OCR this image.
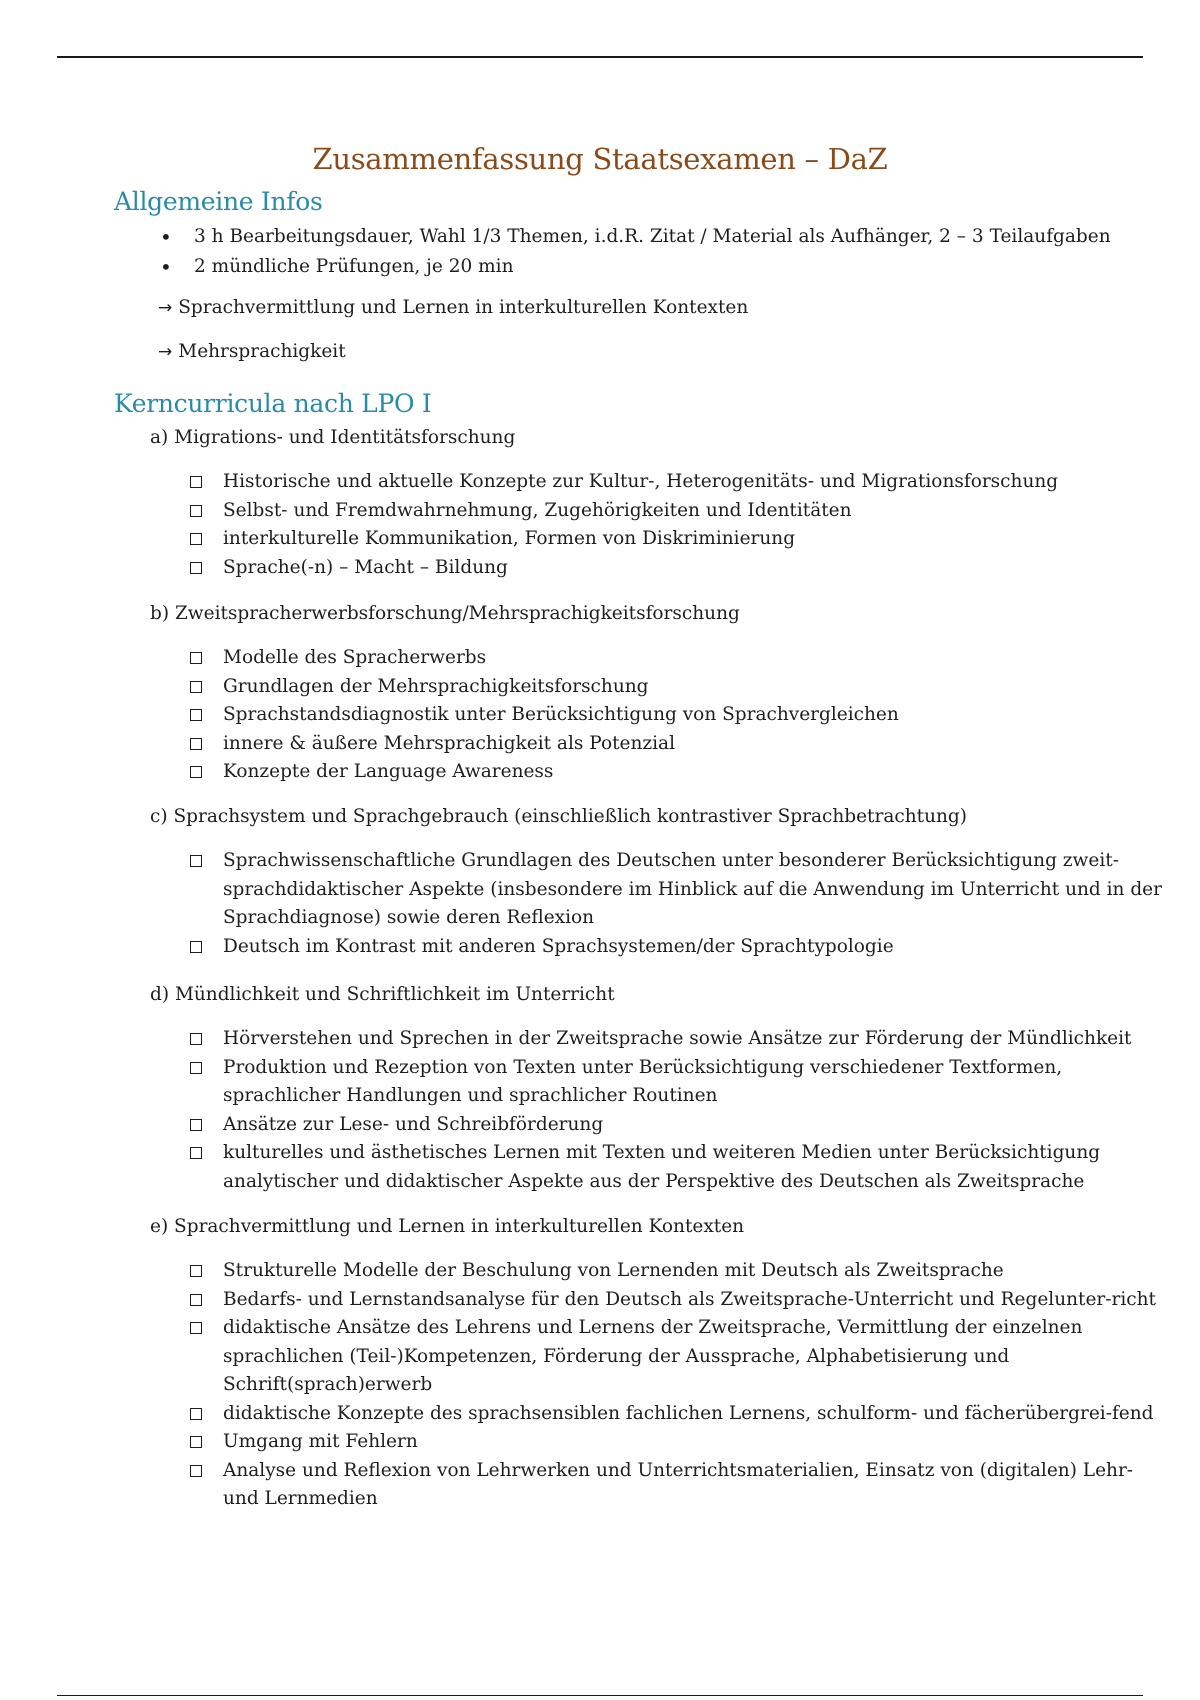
Zusammenfassung Staatsexamen – DaZ
Allgemeine Infos
• 3 h Bearbeitungsdauer, Wahl 1/3 Themen, i.d.R. Zitat / Material als Aufhänger, 2 – 3 Teilaufgaben
• 2 mündliche Prüfungen, je 20 min
→ Sprachvermittlung und Lernen in interkulturellen Kontexten
→ Mehrsprachigkeit
Kerncurricula nach LPO I
a) Migrations- und Identitätsforschung
Historische und aktuelle Konzepte zur Kultur-, Heterogenitäts- und Migrationsforschung
Selbst- und Fremdwahrnehmung, Zugehörigkeiten und Identitäten
interkulturelle Kommunikation, Formen von Diskriminierung
Sprache(-n) – Macht – Bildung
b) Zweitspracherwerbsforschung/Mehrsprachigkeitsforschung
Modelle des Spracherwerbs
Grundlagen der Mehrsprachigkeitsforschung
Sprachstandsdiagnostik unter Berücksichtigung von Sprachvergleichen
innere & äußere Mehrsprachigkeit als Potenzial
Konzepte der Language Awareness
c) Sprachsystem und Sprachgebrauch (einschließlich kontrastiver Sprachbetrachtung)
Sprachwissenschaftliche Grundlagen des Deutschen unter besonderer Berücksichtigung zweit-sprachdidaktischer Aspekte (insbesondere im Hinblick auf die Anwendung im Unterricht und in der Sprachdiagnose) sowie deren Reflexion
Deutsch im Kontrast mit anderen Sprachsystemen/der Sprachtypologie
d) Mündlichkeit und Schriftlichkeit im Unterricht
Hörverstehen und Sprechen in der Zweitsprache sowie Ansätze zur Förderung der Mündlichkeit
Produktion und Rezeption von Texten unter Berücksichtigung verschiedener Textformen, sprachlicher Handlungen und sprachlicher Routinen
Ansätze zur Lese- und Schreibförderung
kulturelles und ästhetisches Lernen mit Texten und weiteren Medien unter Berücksichtigung analytischer und didaktischer Aspekte aus der Perspektive des Deutschen als Zweitsprache
e) Sprachvermittlung und Lernen in interkulturellen Kontexten
Strukturelle Modelle der Beschulung von Lernenden mit Deutsch als Zweitsprache
Bedarfs- und Lernstandsanalyse für den Deutsch als Zweitsprache-Unterricht und Regelunter-richt
didaktische Ansätze des Lehrens und Lernens der Zweitsprache, Vermittlung der einzelnen sprachlichen (Teil-)Kompetenzen, Förderung der Aussprache, Alphabetisierung und Schrift(sprach)erwerb
didaktische Konzepte des sprachsensiblen fachlichen Lernens, schulform- und fächerübergrei-fend
Umgang mit Fehlern
Analyse und Reflexion von Lehrwerken und Unterrichtsmaterialien, Einsatz von (digitalen) Lehr- und Lernmedien
